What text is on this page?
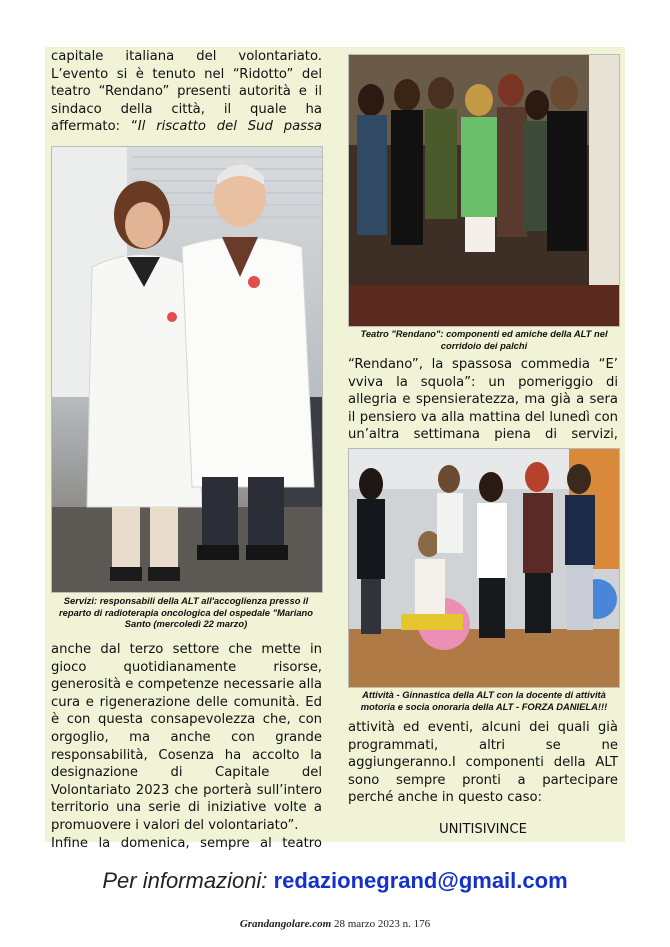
capitale italiana del volontariato.

L’evento si è tenuto nel “Ridotto” del

teatro “Rendano” presenti autorità e il

sindaco della città, il quale ha

affermato: “Il riscatto del Sud passa

Servizi: responsabili della ALT all'accoglienza presso il reparto di radioterapia oncologica del ospedale "Mariano Santo (mercoledì 22 marzo)

anche dal terzo settore che mette in

gioco quotidianamente risorse,

generosità e competenze necessarie alla

cura e rigenerazione delle comunità. Ed

è con questa consapevolezza che, con

orgoglio, ma anche con grande

responsabilità, Cosenza ha accolto la

designazione di Capitale del

Volontariato 2023 che porterà sull’intero

territorio una serie di iniziative volte a

promuovere i valori del volontariato”.

Infine la domenica, sempre al teatro

Teatro "Rendano": componenti ed amiche della ALT nel corridoio dei palchi

“Rendano”, la spassosa commedia “E’

vviva la squola”: un pomeriggio di

allegria e spensieratezza, ma già a sera

il pensiero va alla mattina del lunedì con

un’altra settimana piena di servizi,

Attività - Ginnastica della ALT con la docente di attività motoria e socia onoraria della ALT - FORZA DANIELA!!!

attività ed eventi, alcuni dei quali già

programmati, altri se ne

aggiungeranno.I componenti della ALT

sono sempre pronti a partecipare

perché anche in questo caso:

UNITISIVINCE

Per informazioni: redazionegrand@gmail.com
Grandangolare.com 28 marzo 2023 n. 176
